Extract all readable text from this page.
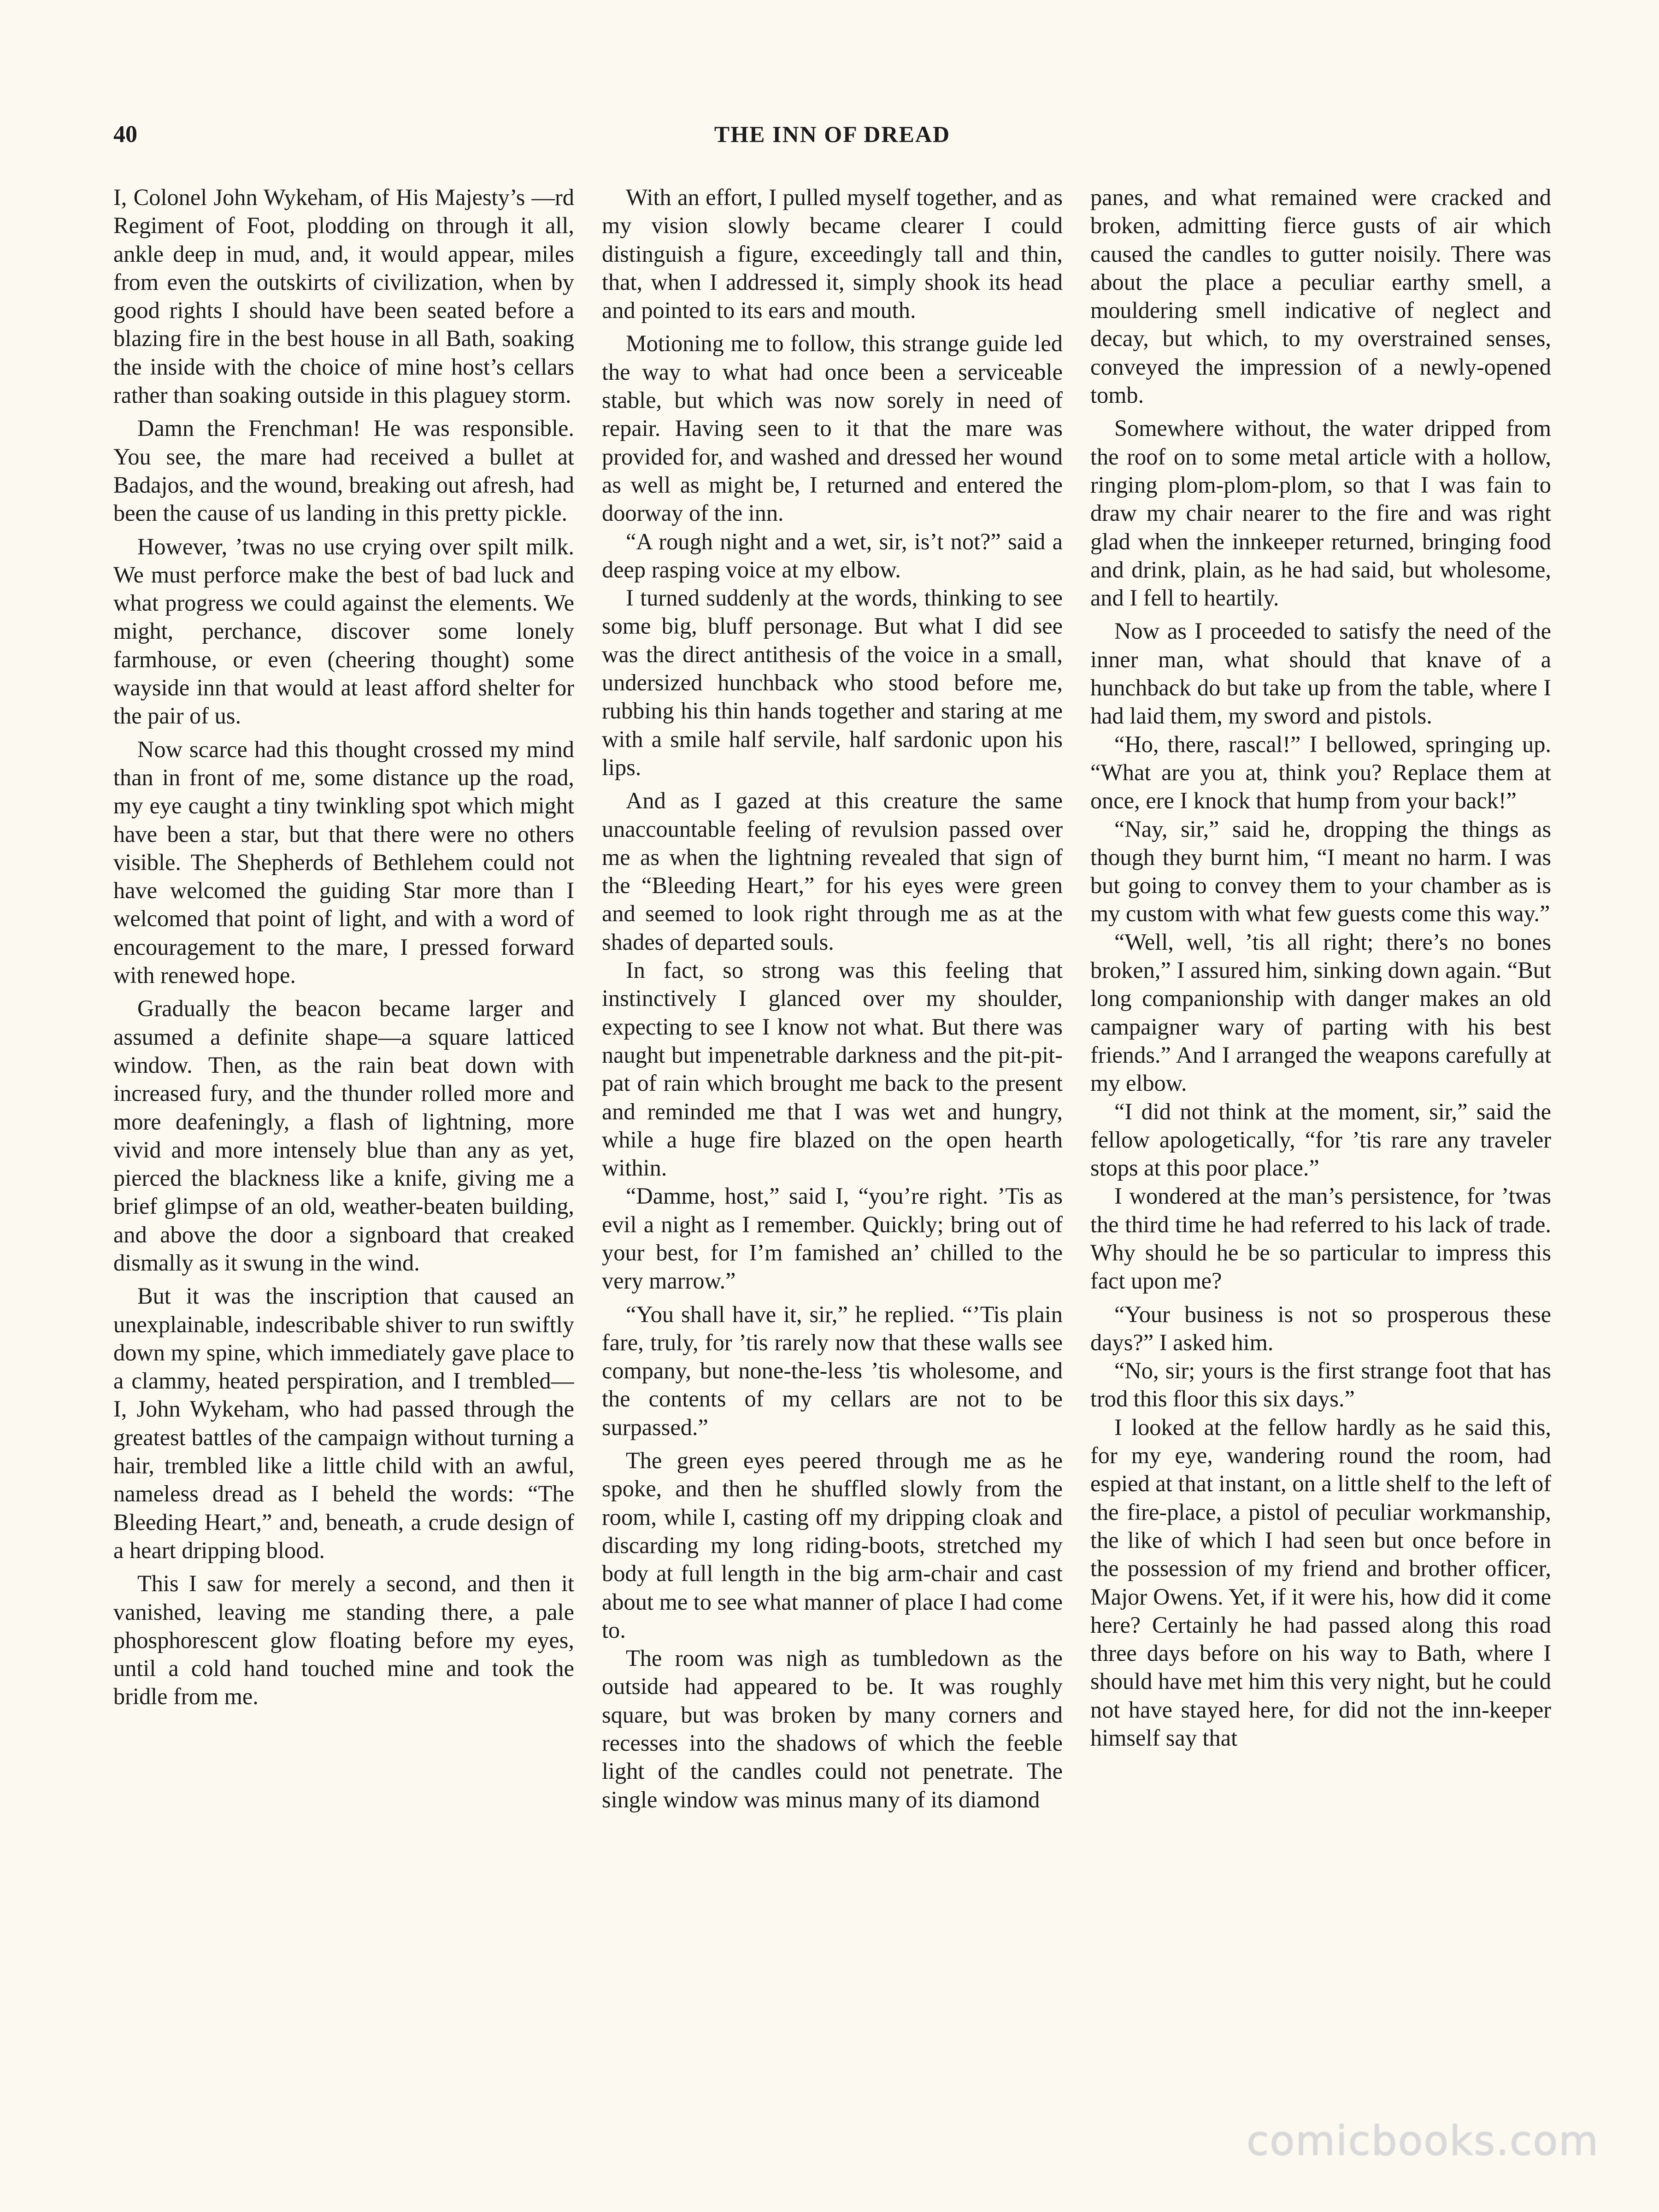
40	THE INN OF DREAD

I, Colonel John Wykeham, of His Majesty’s —rd Regiment of Foot, plodding on through it all, ankle deep in mud, and, it would appear, miles from even the outskirts of civilization, when by good rights I should have been seated before a blazing fire in the best house in all Bath, soaking the inside with the choice of mine host’s cellars rather than soaking outside in this plaguey storm.

Damn the Frenchman! He was responsible. You see, the mare had received a bullet at Badajos, and the wound, breaking out afresh, had been the cause of us landing in this pretty pickle.

However, ’twas no use crying over spilt milk. We must perforce make the best of bad luck and what progress we could against the elements. We might, perchance, discover some lonely farmhouse, or even (cheering thought) some wayside inn that would at least afford shelter for the pair of us.

Now scarce had this thought crossed my mind than in front of me, some distance up the road, my eye caught a tiny twinkling spot which might have been a star, but that there were no others visible. The Shepherds of Bethlehem could not have welcomed the guiding Star more than I welcomed that point of light, and with a word of encouragement to the mare, I pressed forward with renewed hope.

Gradually the beacon became larger and assumed a definite shape—a square latticed window. Then, as the rain beat down with increased fury, and the thunder rolled more and more deafeningly, a flash of lightning, more vivid and more intensely blue than any as yet, pierced the blackness like a knife, giving me a brief glimpse of an old, weather-beaten building, and above the door a signboard that creaked dismally as it swung in the wind.

But it was the inscription that caused an unexplainable, indescribable shiver to run swiftly down my spine, which immediately gave place to a clammy, heated perspiration, and I trembled— I, John Wykeham, who had passed through the greatest battles of the campaign without turning a hair, trembled like a little child with an awful, nameless dread as I beheld the words: “The Bleeding Heart,” and, beneath, a crude design of a heart dripping blood.

This I saw for merely a second, and then it vanished, leaving me standing there, a pale phosphorescent glow floating before my eyes, until a cold hand touched mine and took the bridle from me.

With an effort, I pulled myself together, and as my vision slowly became clearer I could distinguish a figure, exceedingly tall and thin, that, when I addressed it, simply shook its head and pointed to its ears and mouth.

Motioning me to follow, this strange guide led the way to what had once been a serviceable stable, but which was now sorely in need of repair. Having seen to it that the mare was provided for, and washed and dressed her wound as well as might be, I returned and entered the doorway of the inn.

“A rough night and a wet, sir, is’t not?” said a deep rasping voice at my elbow.

I turned suddenly at the words, thinking to see some big, bluff personage. But what I did see was the direct antithesis of the voice in a small, undersized hunchback who stood before me, rubbing his thin hands together and staring at me with a smile half servile, half sardonic upon his lips.

And as I gazed at this creature the same unaccountable feeling of revulsion passed over me as when the lightning revealed that sign of the “Bleeding Heart,” for his eyes were green and seemed to look right through me as at the shades of departed souls.

In fact, so strong was this feeling that instinctively I glanced over my shoulder, expecting to see I know not what. But there was naught but impenetrable darkness and the pit-pit-pat of rain which brought me back to the present and reminded me that I was wet and hungry, while a huge fire blazed on the open hearth within.

“Damme, host,” said I, “you’re right. ’Tis as evil a night as I remember. Quickly; bring out of your best, for I’m famished an’ chilled to the very marrow.”

“You shall have it, sir,” he replied. “’Tis plain fare, truly, for ’tis rarely now that these walls see company, but none-the-less ’tis wholesome, and the contents of my cellars are not to be surpassed.”

The green eyes peered through me as he spoke, and then he shuffled slowly from the room, while I, casting off my dripping cloak and discarding my long riding-boots, stretched my body at full length in the big arm-chair and cast about me to see what manner of place I had come to.

The room was nigh as tumbledown as the outside had appeared to be. It was roughly square, but was broken by many corners and recesses into the shadows of which the feeble light of the candles could not penetrate. The single window was minus many of its diamond

panes, and what remained were cracked and broken, admitting fierce gusts of air which caused the candles to gutter noisily. There was about the place a peculiar earthy smell, a mouldering smell indicative of neglect and decay, but which, to my overstrained senses, conveyed the impression of a newly-opened tomb.

Somewhere without, the water dripped from the roof on to some metal article with a hollow, ringing plom-plom-plom, so that I was fain to draw my chair nearer to the fire and was right glad when the innkeeper returned, bringing food and drink, plain, as he had said, but wholesome, and I fell to heartily.

Now as I proceeded to satisfy the need of the inner man, what should that knave of a hunchback do but take up from the table, where I had laid them, my sword and pistols.

“Ho, there, rascal!” I bellowed, springing up. “What are you at, think you? Replace them at once, ere I knock that hump from your back!”

“Nay, sir,” said he, dropping the things as though they burnt him, “I meant no harm. I was but going to convey them to your chamber as is my custom with what few guests come this way.”

“Well, well, ’tis all right; there’s no bones broken,” I assured him, sinking down again. “But long companionship with danger makes an old campaigner wary of parting with his best friends.” And I arranged the weapons carefully at my elbow.

“I did not think at the moment, sir,” said the fellow apologetically, “for ’tis rare any traveler stops at this poor place.”

I wondered at the man’s persistence, for ’twas the third time he had referred to his lack of trade. Why should he be so particular to impress this fact upon me?

“Your business is not so prosperous these days?” I asked him.

“No, sir; yours is the first strange foot that has trod this floor this six days.”

I looked at the fellow hardly as he said this, for my eye, wandering round the room, had espied at that instant, on a little shelf to the left of the fire-place, a pistol of peculiar workmanship, the like of which I had seen but once before in the possession of my friend and brother officer, Major Owens. Yet, if it were his, how did it come here? Certainly he had passed along this road three days before on his way to Bath, where I should have met him this very night, but he could not have stayed here, for did not the inn-keeper himself say that

comicbooks.com
